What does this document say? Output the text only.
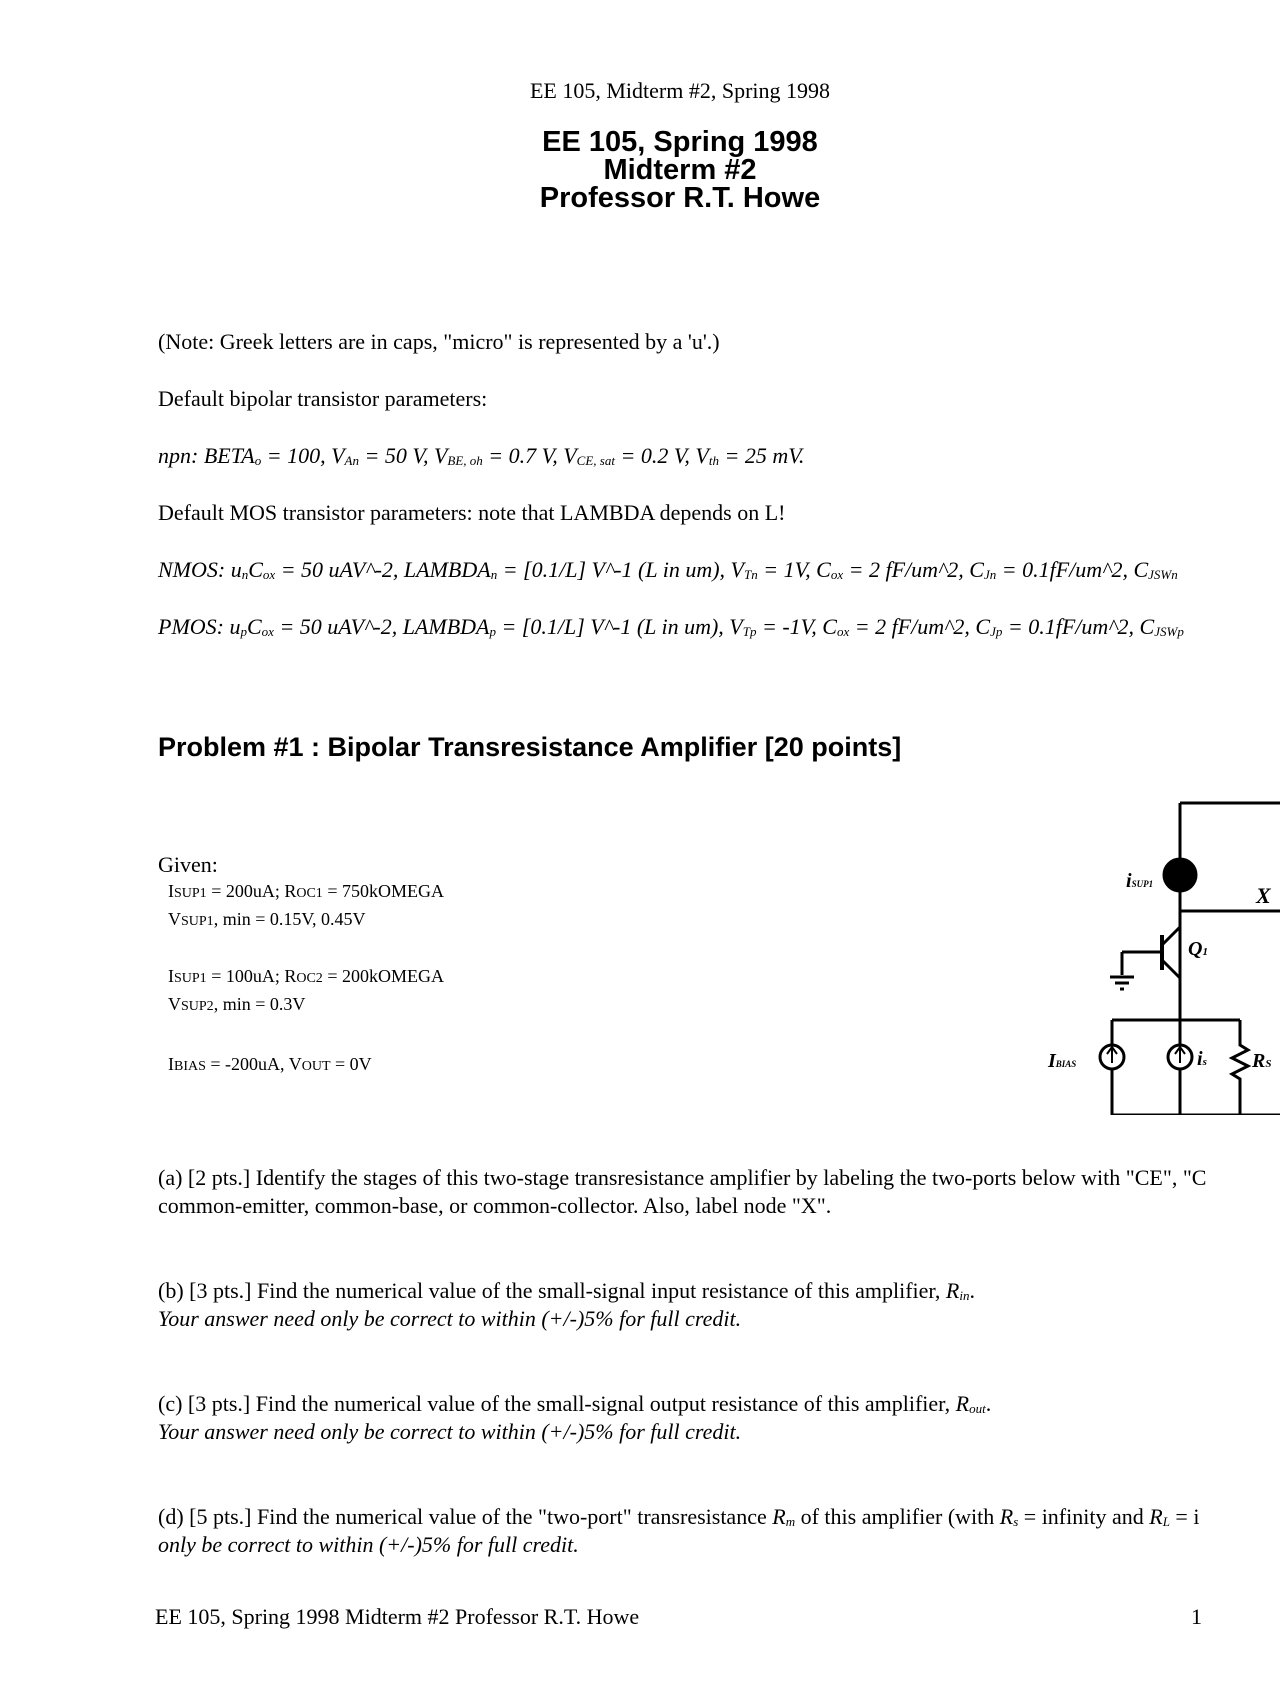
EE 105, Midterm #2, Spring 1998
EE 105, Spring 1998
Midterm #2
Professor R.T. Howe
(Note: Greek letters are in caps, "micro" is represented by a 'u'.)
Default bipolar transistor parameters:
npn: $BETA_o = 100$, $V_{An} = 50$ V, $V_{BE, oh} = 0.7$ V, $V_{CE, sat} = 0.2$ V, $V_{th} = 25$ mV.
Default MOS transistor parameters: note that LAMBDA depends on L!
NMOS: $u_nC_{ox} = 50$ uAV^-2, $LAMBDA_n = [0.1/L]$ V^-1 (L in um), $V_{Tn} = 1V$, $C_{ox} = 2$ fF/um^2, $C_{Jn}$ = 0.1fF/um^2, $C_{JSWn}$
PMOS: $u_pC_{ox} = 50$ uAV^-2, $LAMBDA_p = [0.1/L]$ V^-1 (L in um), $V_{Tp} = -1V$, $C_{ox} = 2$ fF/um^2, $C_{Jp}$ = 0.1fF/um^2, $C_{JSWp}$
Problem #1 : Bipolar Transresistance Amplifier [20 points]
Given:
ISUP1 = 200uA; ROC1 = 750kOMEGA
VSUP1, min = 0.15V, 0.45V
ISUP1 = 100uA; ROC2 = 200kOMEGA
VSUP2, min = 0.3V
IBIAS = -200uA, VOUT = 0V
iSUP1	X
Q1
IBIAS	is RS
(a) [2 pts.] Identify the stages of this two-stage transresistance amplifier by labeling the two-ports below with "CE", "C
common-emitter, common-base, or common-collector. Also, label node "X".
(b) [3 pts.] Find the numerical value of the small-signal input resistance of this amplifier, $R_{in}$.
Your answer need only be correct to within (+/-)5% for full credit.
(c) [3 pts.] Find the numerical value of the small-signal output resistance of this amplifier, $R_{out}$.
Your answer need only be correct to within (+/-)5% for full credit.
(d) [5 pts.] Find the numerical value of the "two-port" transresistance $R_m$ of this amplifier (with $R_s$ = infinity and $R_L = i$
only be correct to within (+/-)5% for full credit.
EE 105, Spring 1998 Midterm #2 Professor R.T. Howe	1
